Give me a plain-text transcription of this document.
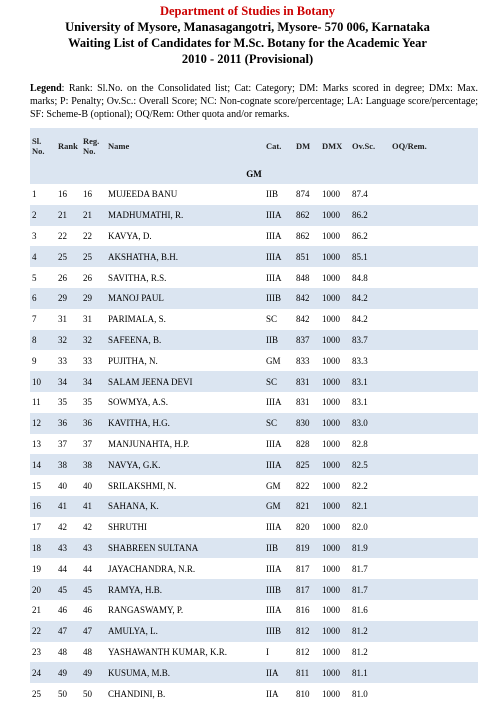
Department of Studies in Botany
University of Mysore, Manasagangotri, Mysore- 570 006, Karnataka
Waiting List of Candidates for M.Sc. Botany for the Academic Year
2010 - 2011 (Provisional)
Legend: Rank: Sl.No. on the Consolidated list; Cat: Category; DM: Marks scored in degree; DMx: Max. marks; P: Penalty; Ov.Sc.: Overall Score; NC: Non-cognate score/percentage; LA: Language score/percentage; SF: Scheme-B (optional); OQ/Rem: Other quota and/or remarks.
Sl. No.	Rank	Reg. No.	Name	Cat.	DM	DMX	Ov.Sc.	OQ/Rem.
GM								
1	16	16	MUJEEDA BANU	IIB	874	1000	87.4	
2	21	21	MADHUMATHI, R.	IIIA	862	1000	86.2	
3	22	22	KAVYA, D.	IIIA	862	1000	86.2	
4	25	25	AKSHATHA, B.H.	IIIA	851	1000	85.1	
5	26	26	SAVITHA, R.S.	IIIA	848	1000	84.8	
6	29	29	MANOJ PAUL	IIIB	842	1000	84.2	
7	31	31	PARIMALA, S.	SC	842	1000	84.2	
8	32	32	SAFEENA, B.	IIB	837	1000	83.7	
9	33	33	PUJITHA, N.	GM	833	1000	83.3	
10	34	34	SALAM JEENA DEVI	SC	831	1000	83.1	
11	35	35	SOWMYA, A.S.	IIIA	831	1000	83.1	
12	36	36	KAVITHA, H.G.	SC	830	1000	83.0	
13	37	37	MANJUNAHTA, H.P.	IIIA	828	1000	82.8	
14	38	38	NAVYA, G.K.	IIIA	825	1000	82.5	
15	40	40	SRILAKSHMI, N.	GM	822	1000	82.2	
16	41	41	SAHANA, K.	GM	821	1000	82.1	
17	42	42	SHRUTHI	IIIA	820	1000	82.0	
18	43	43	SHABREEN SULTANA	IIB	819	1000	81.9	
19	44	44	JAYACHANDRA, N.R.	IIIA	817	1000	81.7	
20	45	45	RAMYA, H.B.	IIIB	817	1000	81.7	
21	46	46	RANGASWAMY, P.	IIIA	816	1000	81.6	
22	47	47	AMULYA, L.	IIIB	812	1000	81.2	
23	48	48	YASHAWANTH KUMAR, K.R.	I	812	1000	81.2	
24	49	49	KUSUMA, M.B.	IIA	811	1000	81.1	
25	50	50	CHANDINI, B.	IIA	810	1000	81.0	
